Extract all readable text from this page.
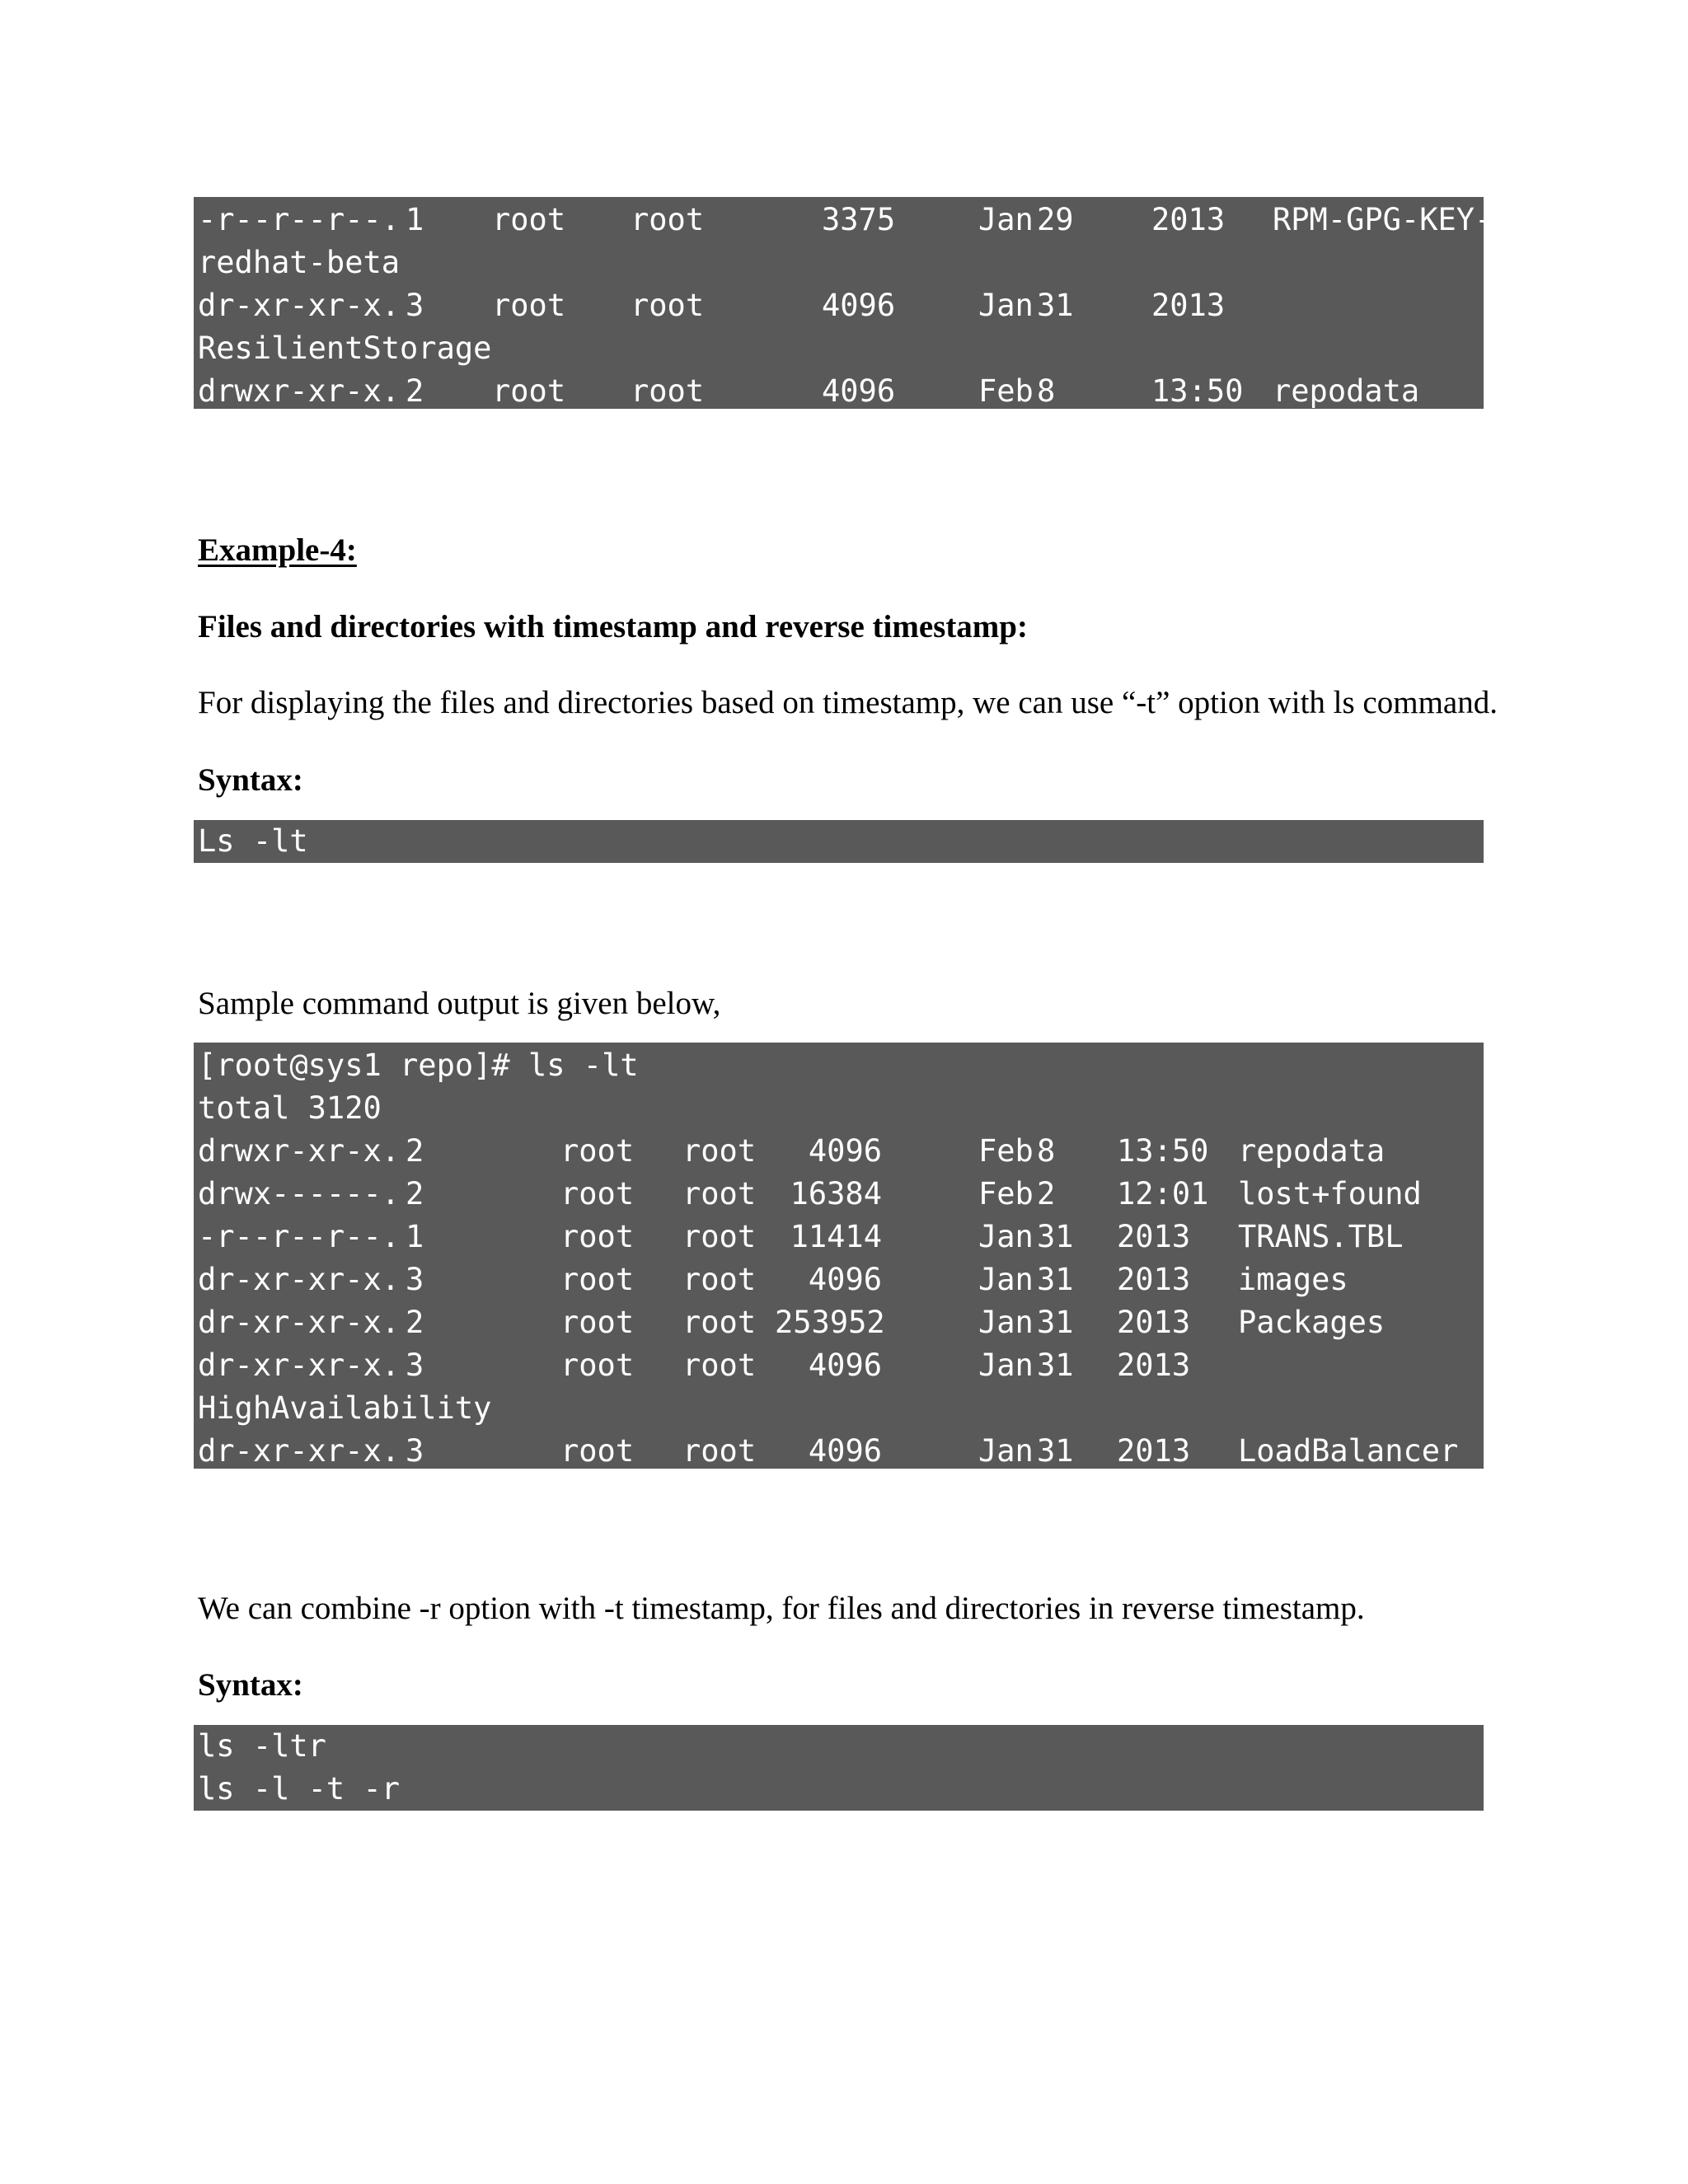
-r--r--r--. 1 root root	3375	Jan 29	2013 RPM-GPG-KEY-
redhat-beta
dr-xr-xr-x. 3 root root	4096	Jan 31	2013
ResilientStorage
drwxr-xr-x. 2 root root	4096	Feb 8	13:50 repodata
Example-4:
Files and directories with timestamp and reverse timestamp:
For displaying the files and directories based on timestamp, we can use “-t” option with ls command.
Syntax:
Ls -lt
Sample command output is given below,
[root@sys1 repo]# ls -lt
total 3120
drwxr-xr-x. 2	root root	4096	Feb 8 13:50 repodata
drwx------. 2	root root	16384	Feb 2 12:01 lost+found
-r--r--r--. 1	root root	11414	Jan 31 2013 TRANS.TBL
dr-xr-xr-x. 3	root root	4096	Jan 31 2013 images
dr-xr-xr-x. 2	root root 253952	Jan 31 2013 Packages
dr-xr-xr-x. 3	root root	4096	Jan 31 2013
HighAvailability
dr-xr-xr-x. 3	root root	4096	Jan 31 2013 LoadBalancer
We can combine -r option with -t timestamp, for files and directories in reverse timestamp.
Syntax:
ls -ltr
ls -l -t -r
